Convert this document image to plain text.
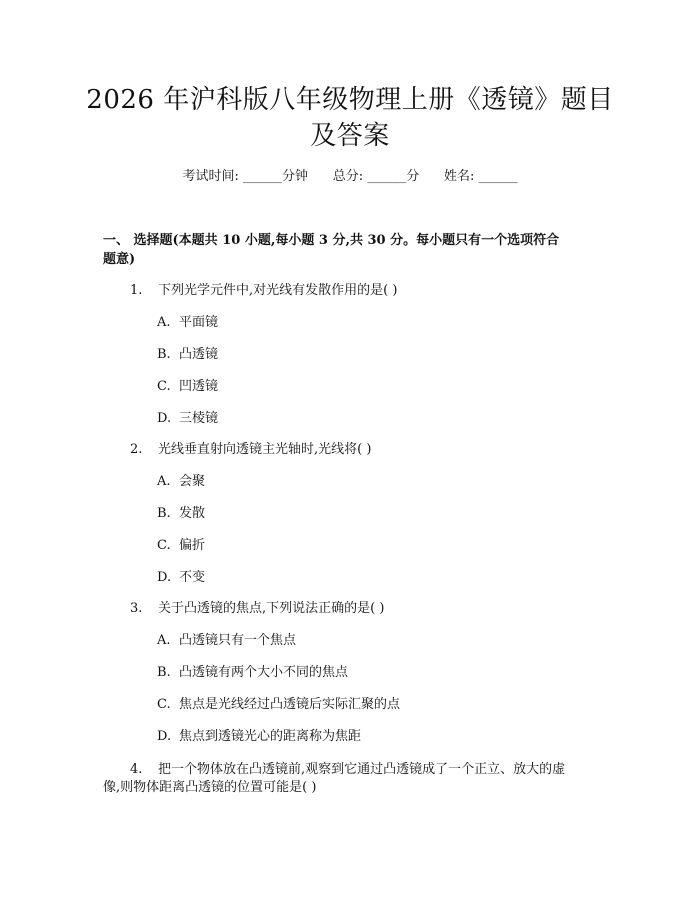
2026 年沪科版八年级物理上册《透镜》题目
及答案
考试时间: ______分钟      总分: ______分      姓名: ______
一、 选择题(本题共 10 小题,每小题 3 分,共 30 分。每小题只有一个选项符合
题意)
1. 下列光学元件中,对光线有发散作用的是( )
A. 平面镜
B. 凸透镜
C. 凹透镜
D. 三棱镜
2. 光线垂直射向透镜主光轴时,光线将( )
A. 会聚
B. 发散
C. 偏折
D. 不变
3. 关于凸透镜的焦点,下列说法正确的是( )
A. 凸透镜只有一个焦点
B. 凸透镜有两个大小不同的焦点
C. 焦点是光线经过凸透镜后实际汇聚的点
D. 焦点到透镜光心的距离称为焦距
4. 把一个物体放在凸透镜前,观察到它通过凸透镜成了一个正立、放大的虚
像,则物体距离凸透镜的位置可能是( )
